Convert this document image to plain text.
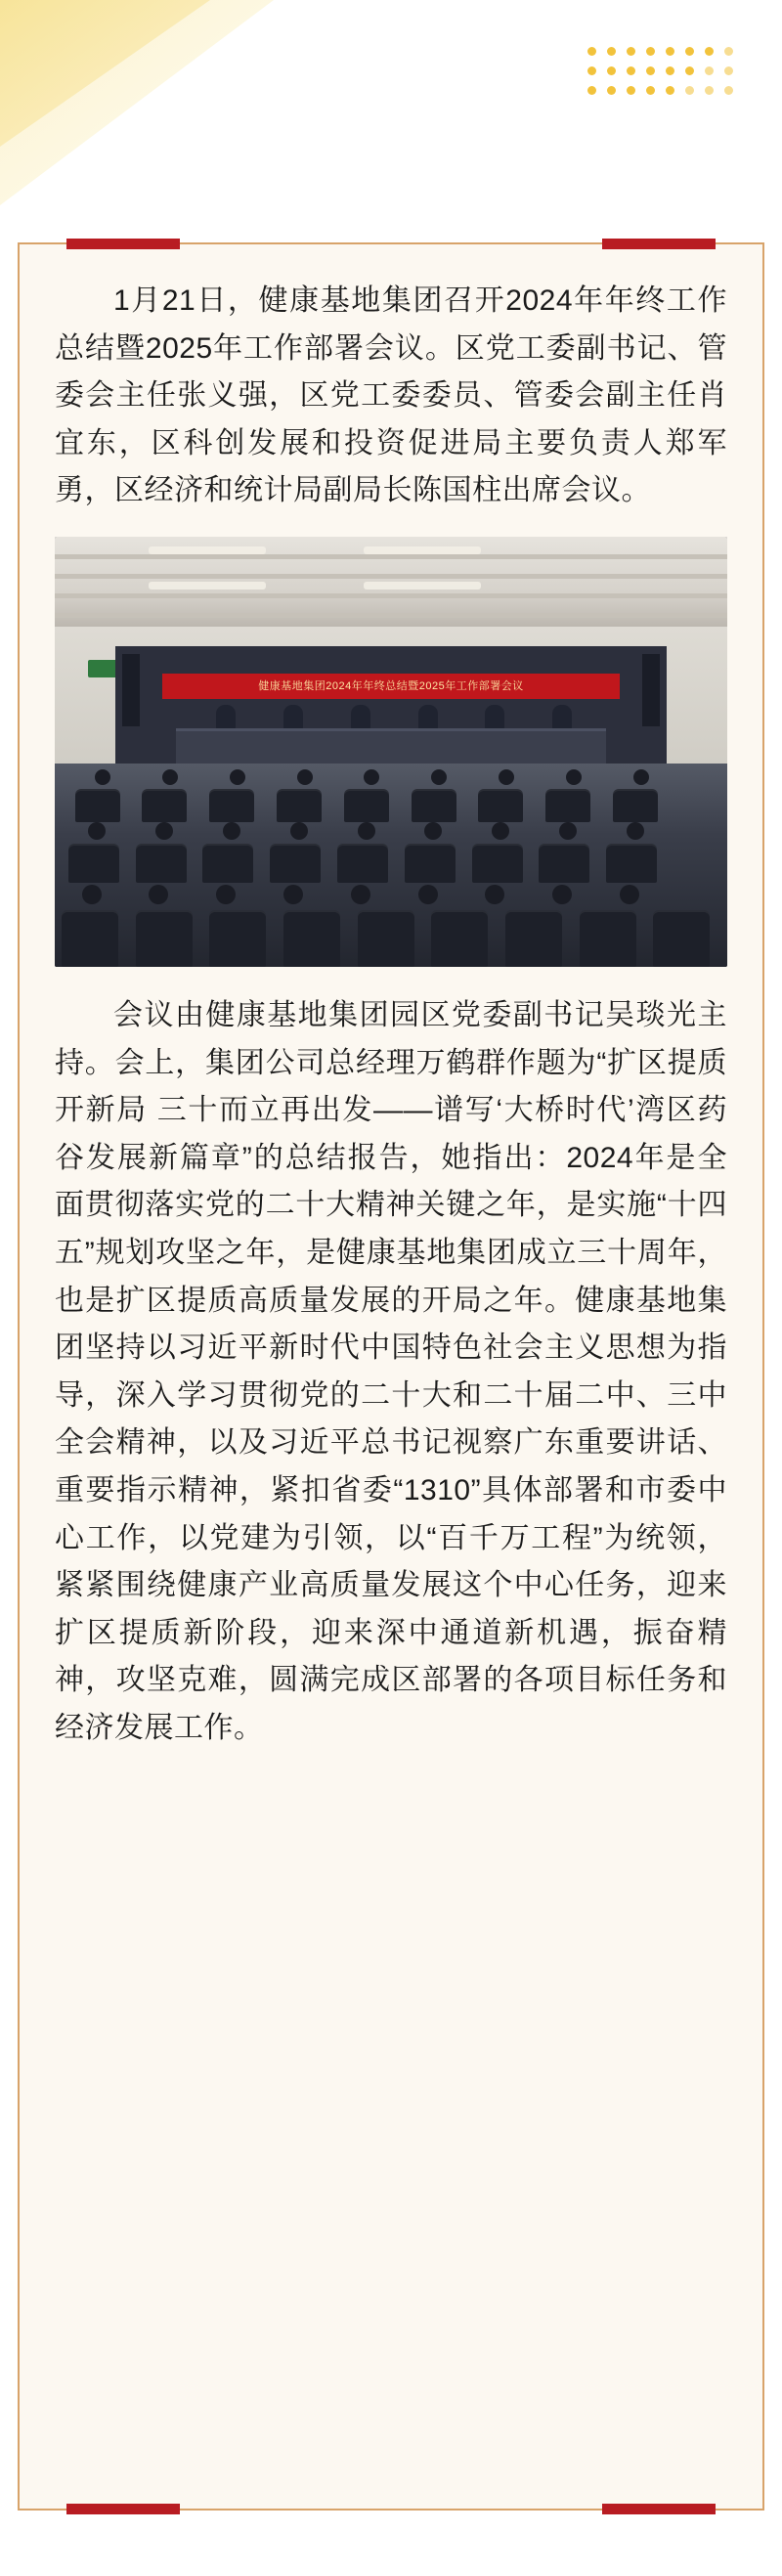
1月21日，健康基地集团召开2024年年终工作总结暨2025年工作部署会议。区党工委副书记、管委会主任张义强，区党工委委员、管委会副主任肖宜东，区科创发展和投资促进局主要负责人郑军勇，区经济和统计局副局长陈国柱出席会议。

健康基地集团2024年年终总结暨2025年工作部署会议

会议由健康基地集团园区党委副书记吴琰光主持。会上，集团公司总经理万鹤群作题为“扩区提质开新局 三十而立再出发——谱写‘大桥时代’湾区药谷发展新篇章”的总结报告，她指出：2024年是全面贯彻落实党的二十大精神关键之年，是实施“十四五”规划攻坚之年，是健康基地集团成立三十周年，也是扩区提质高质量发展的开局之年。健康基地集团坚持以习近平新时代中国特色社会主义思想为指导，深入学习贯彻党的二十大和二十届二中、三中全会精神，以及习近平总书记视察广东重要讲话、重要指示精神，紧扣省委“1310”具体部署和市委中心工作，以党建为引领，以“百千万工程”为统领，紧紧围绕健康产业高质量发展这个中心任务，迎来扩区提质新阶段，迎来深中通道新机遇，振奋精神，攻坚克难，圆满完成区部署的各项目标任务和经济发展工作。
